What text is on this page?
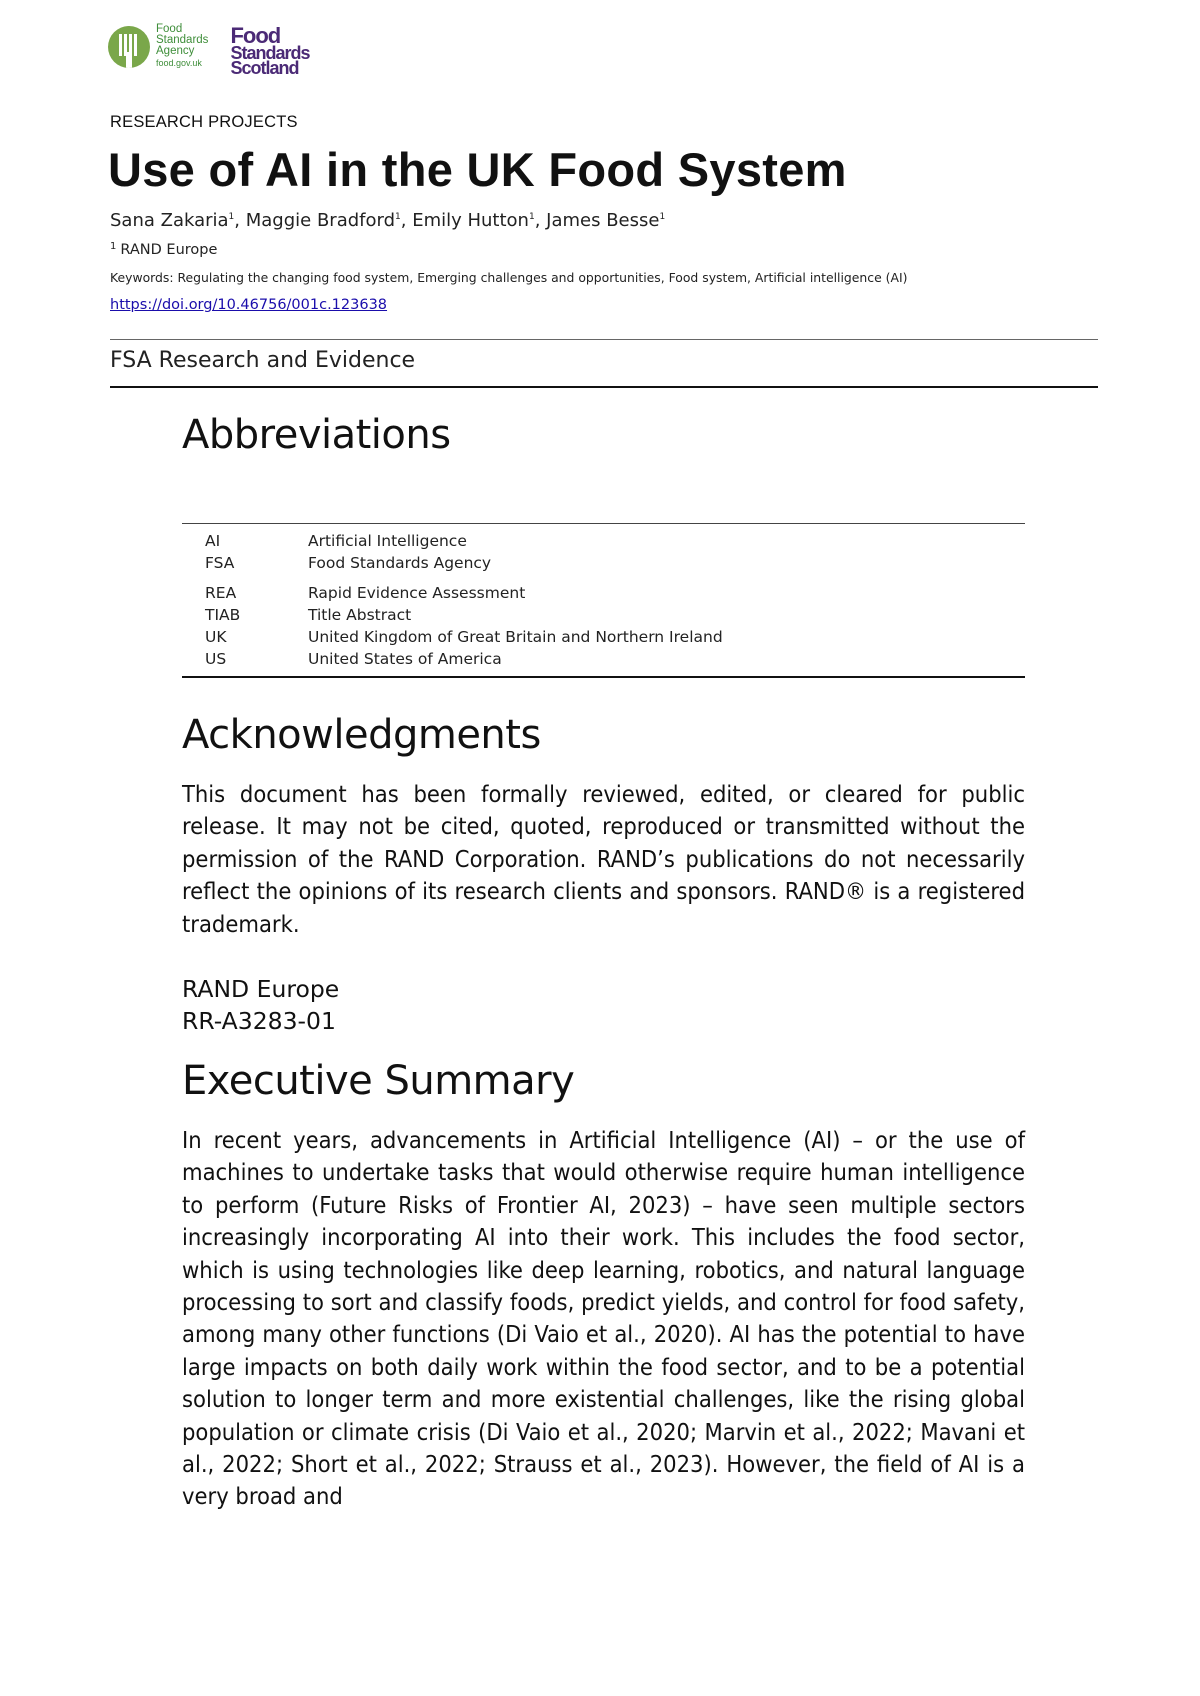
Food
Standards
Agency
food.gov.uk
Food
Standards
Scotland
RESEARCH PROJECTS
Use of AI in the UK Food System
Sana Zakaria$^1$, Maggie Bradford$^1$, Emily Hutton$^1$, James Besse$^1$
$^1$ RAND Europe
Keywords: Regulating the changing food system, Emerging challenges and opportunities, Food system, Artificial intelligence (AI)
https://doi.org/10.46756/001c.123638
FSA Research and Evidence
Abbreviations
AI	Artificial Intelligence
FSA	Food Standards Agency
REA	Rapid Evidence Assessment
TIAB	Title Abstract
UK	United Kingdom of Great Britain and Northern Ireland
US	United States of America
Acknowledgments

This document has been formally reviewed, edited, or cleared for public release. It may not be cited, quoted, reproduced or transmitted without the permission of the RAND Corporation. RAND’s publications do not necessarily reflect the opinions of its research clients and sponsors. RAND® is a registered trademark.

RAND Europe
RR-A3283-01
Executive Summary

In recent years, advancements in Artificial Intelligence (AI) – or the use of machines to undertake tasks that would otherwise require human intelligence to perform (Future Risks of Frontier AI, 2023) – have seen multiple sectors increasingly incorporating AI into their work. This includes the food sector, which is using technologies like deep learning, robotics, and natural language processing to sort and classify foods, predict yields, and control for food safety, among many other functions (Di Vaio et al., 2020). AI has the potential to have large impacts on both daily work within the food sector, and to be a potential solution to longer term and more existential challenges, like the rising global population or climate crisis (Di Vaio et al., 2020; Marvin et al., 2022; Mavani et al., 2022; Short et al., 2022; Strauss et al., 2023). However, the field of AI is a very broad and
